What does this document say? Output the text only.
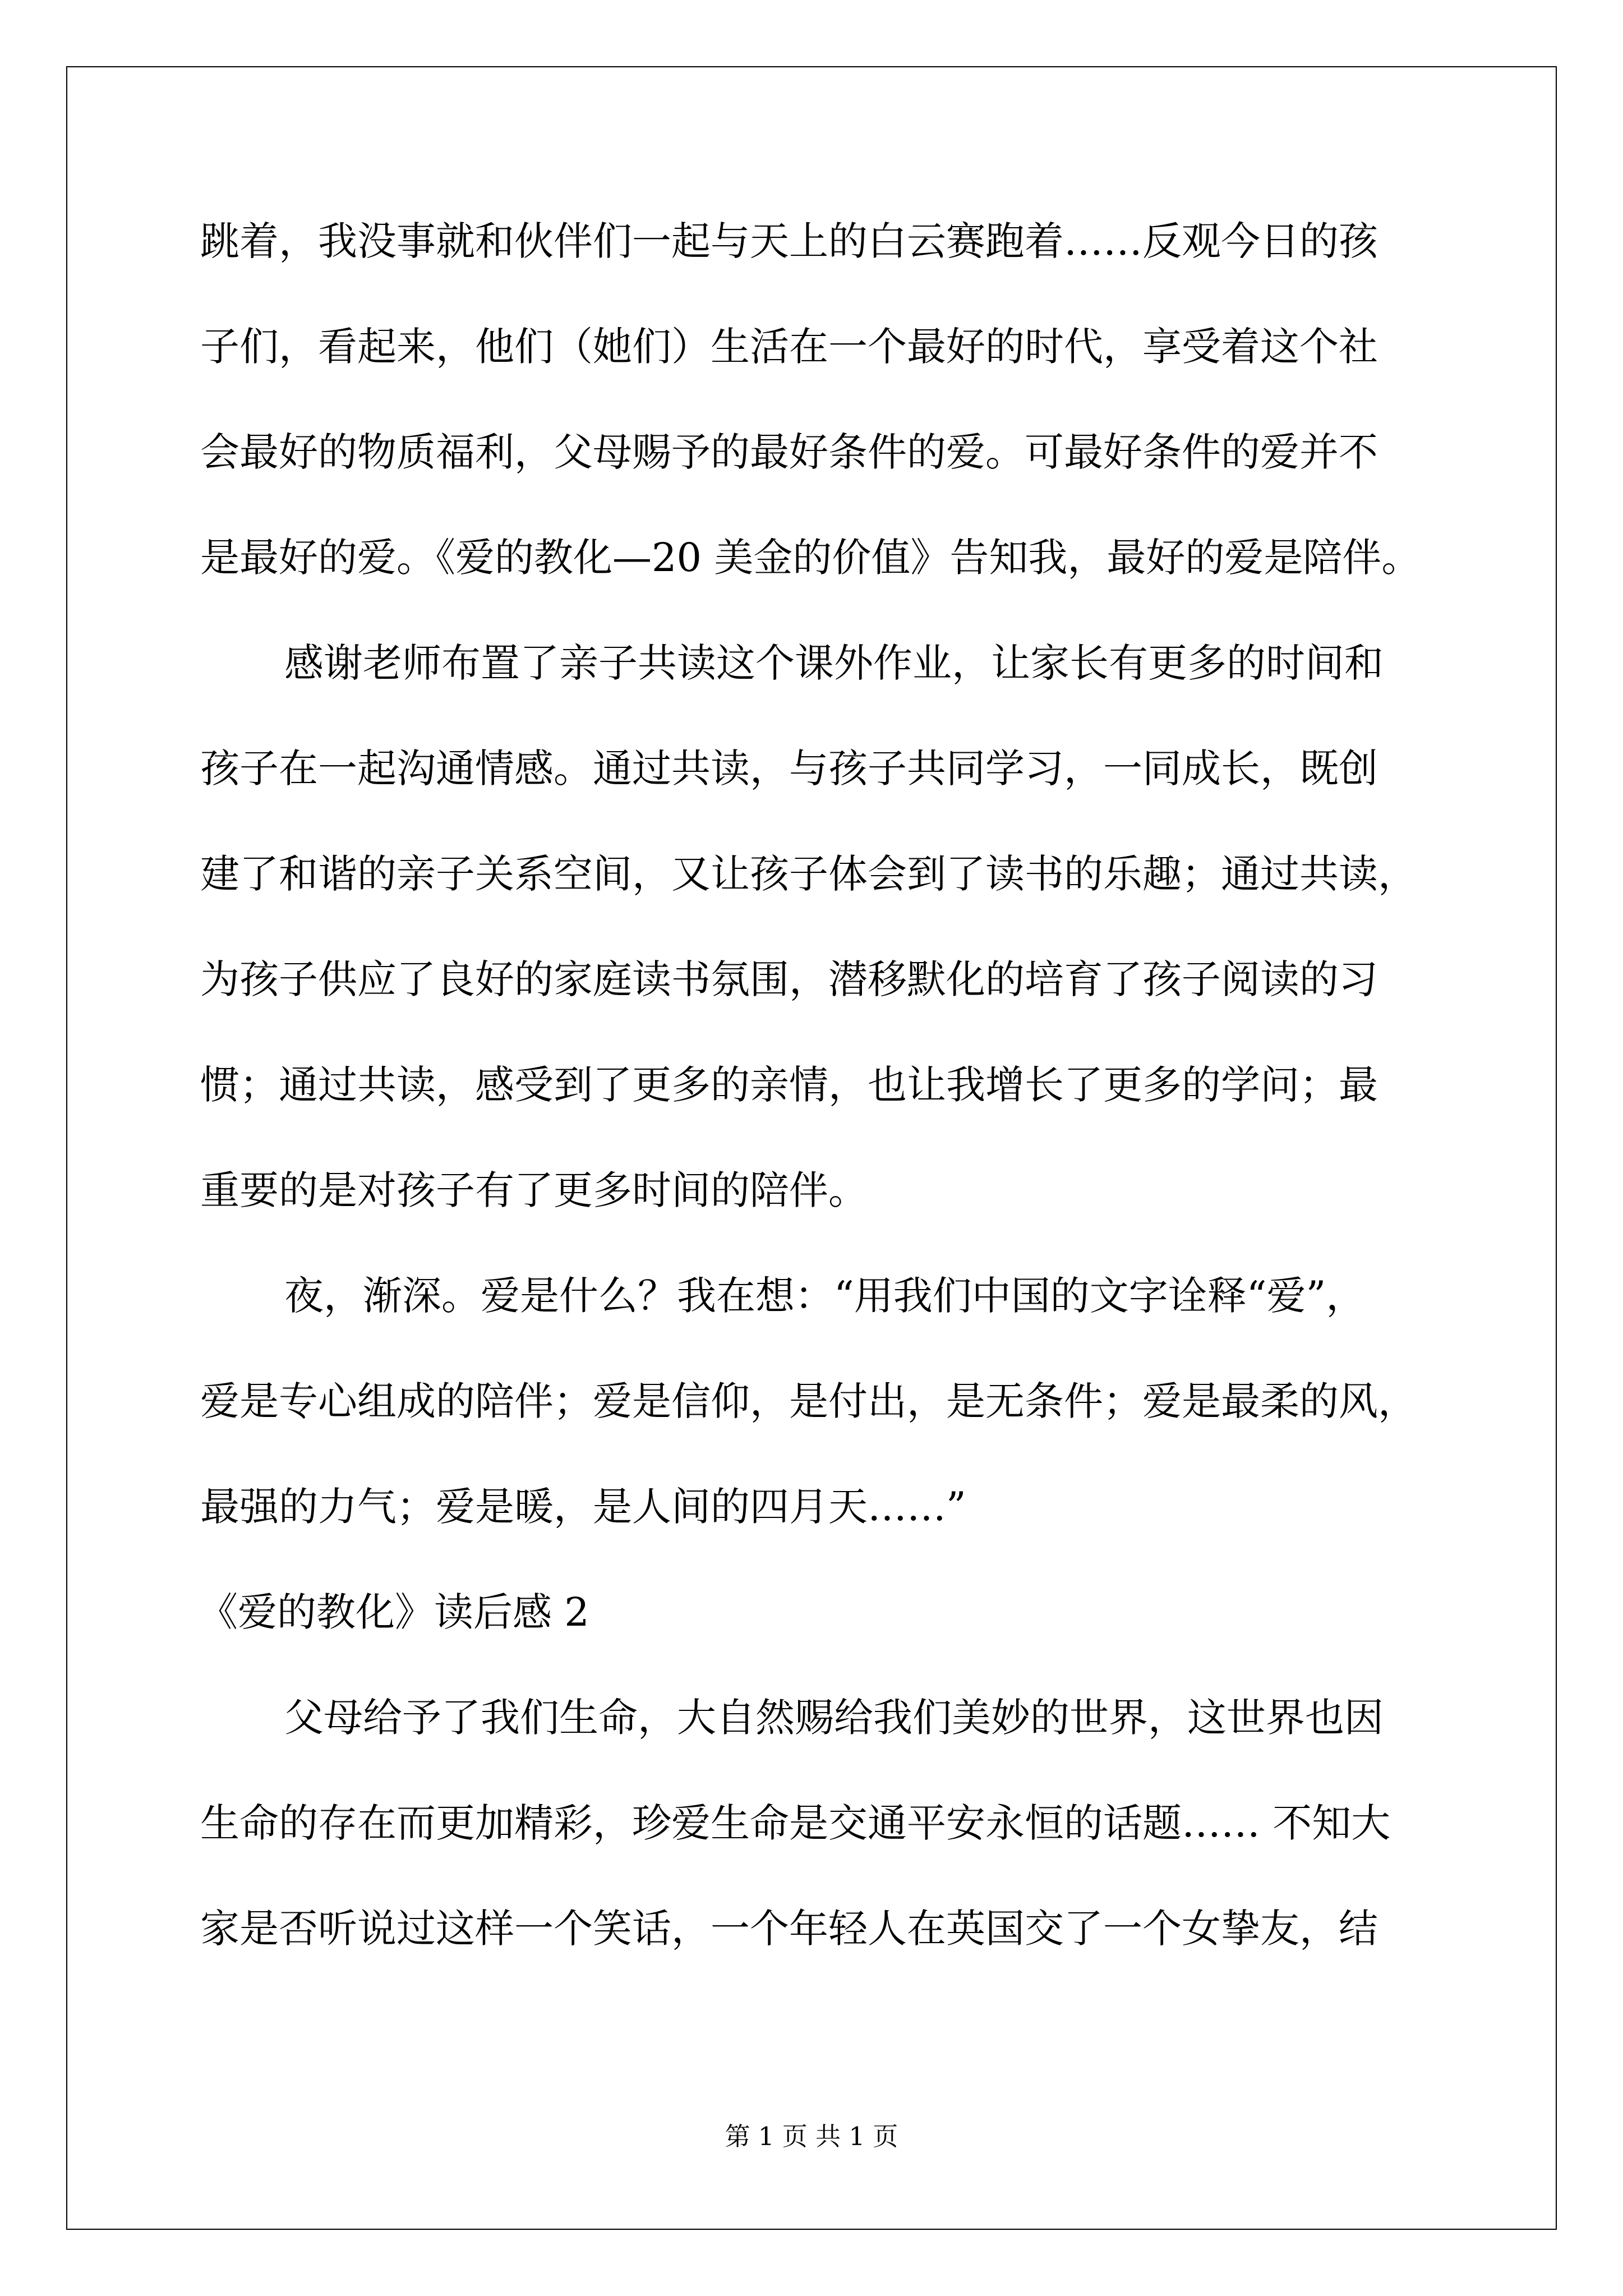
跳着，我没事就和伙伴们一起与天上的白云赛跑着……反观今日的孩
子们，看起来，他们（她们）生活在一个最好的时代，享受着这个社
会最好的物质福利，父母赐予的最好条件的爱。可最好条件的爱并不
是最好的爱。《爱的教化—20 美金的价值》告知我，最好的爱是陪伴。
感谢老师布置了亲子共读这个课外作业，让家长有更多的时间和
孩子在一起沟通情感。通过共读，与孩子共同学习，一同成长，既创
建了和谐的亲子关系空间，又让孩子体会到了读书的乐趣；通过共读，
为孩子供应了良好的家庭读书氛围，潜移默化的培育了孩子阅读的习
惯；通过共读，感受到了更多的亲情，也让我增长了更多的学问；最
重要的是对孩子有了更多时间的陪伴。
夜，渐深。爱是什么？我在想：“用我们中国的文字诠释“爱”，
爱是专心组成的陪伴；爱是信仰，是付出，是无条件；爱是最柔的风，
最强的力气；爱是暖，是人间的四月天……”
《爱的教化》读后感 2
父母给予了我们生命，大自然赐给我们美妙的世界，这世界也因
生命的存在而更加精彩，珍爱生命是交通平安永恒的话题…… 不知大
家是否听说过这样一个笑话，一个年轻人在英国交了一个女挚友，结
第 1 页 共 1 页
